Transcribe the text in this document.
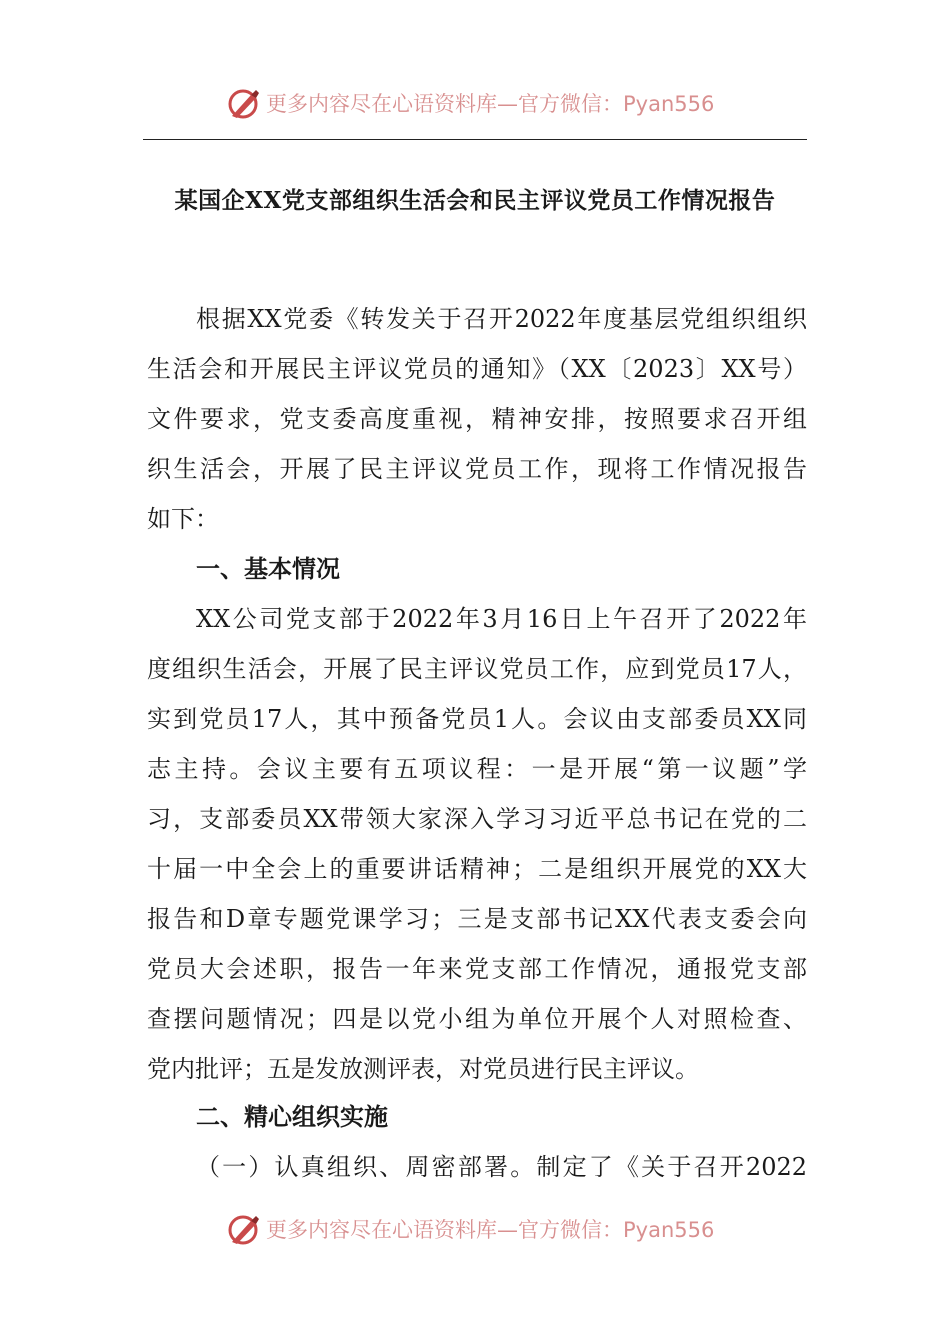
更多内容尽在心语资料库—官方微信：Pyan556
某国企XX党支部组织生活会和民主评议党员工作情况报告
根据XX党委《转发关于召开2022年度基层党组织组织
生活会和开展民主评议党员的通知》（XX〔2023〕XX号）
文件要求，党支委高度重视，精神安排，按照要求召开组
织生活会，开展了民主评议党员工作，现将工作情况报告
如下：
一、基本情况
XX公司党支部于2022年3月16日上午召开了2022年
度组织生活会，开展了民主评议党员工作，应到党员17人，
实到党员17人，其中预备党员1人。会议由支部委员XX同
志主持。会议主要有五项议程：一是开展“第一议题”学
习，支部委员XX带领大家深入学习习近平总书记在党的二
十届一中全会上的重要讲话精神；二是组织开展党的XX大
报告和D章专题党课学习；三是支部书记XX代表支委会向
党员大会述职，报告一年来党支部工作情况，通报党支部
查摆问题情况；四是以党小组为单位开展个人对照检查、
党内批评；五是发放测评表，对党员进行民主评议。
二、精心组织实施
（一）认真组织、周密部署。制定了《关于召开2022
更多内容尽在心语资料库—官方微信：Pyan556
